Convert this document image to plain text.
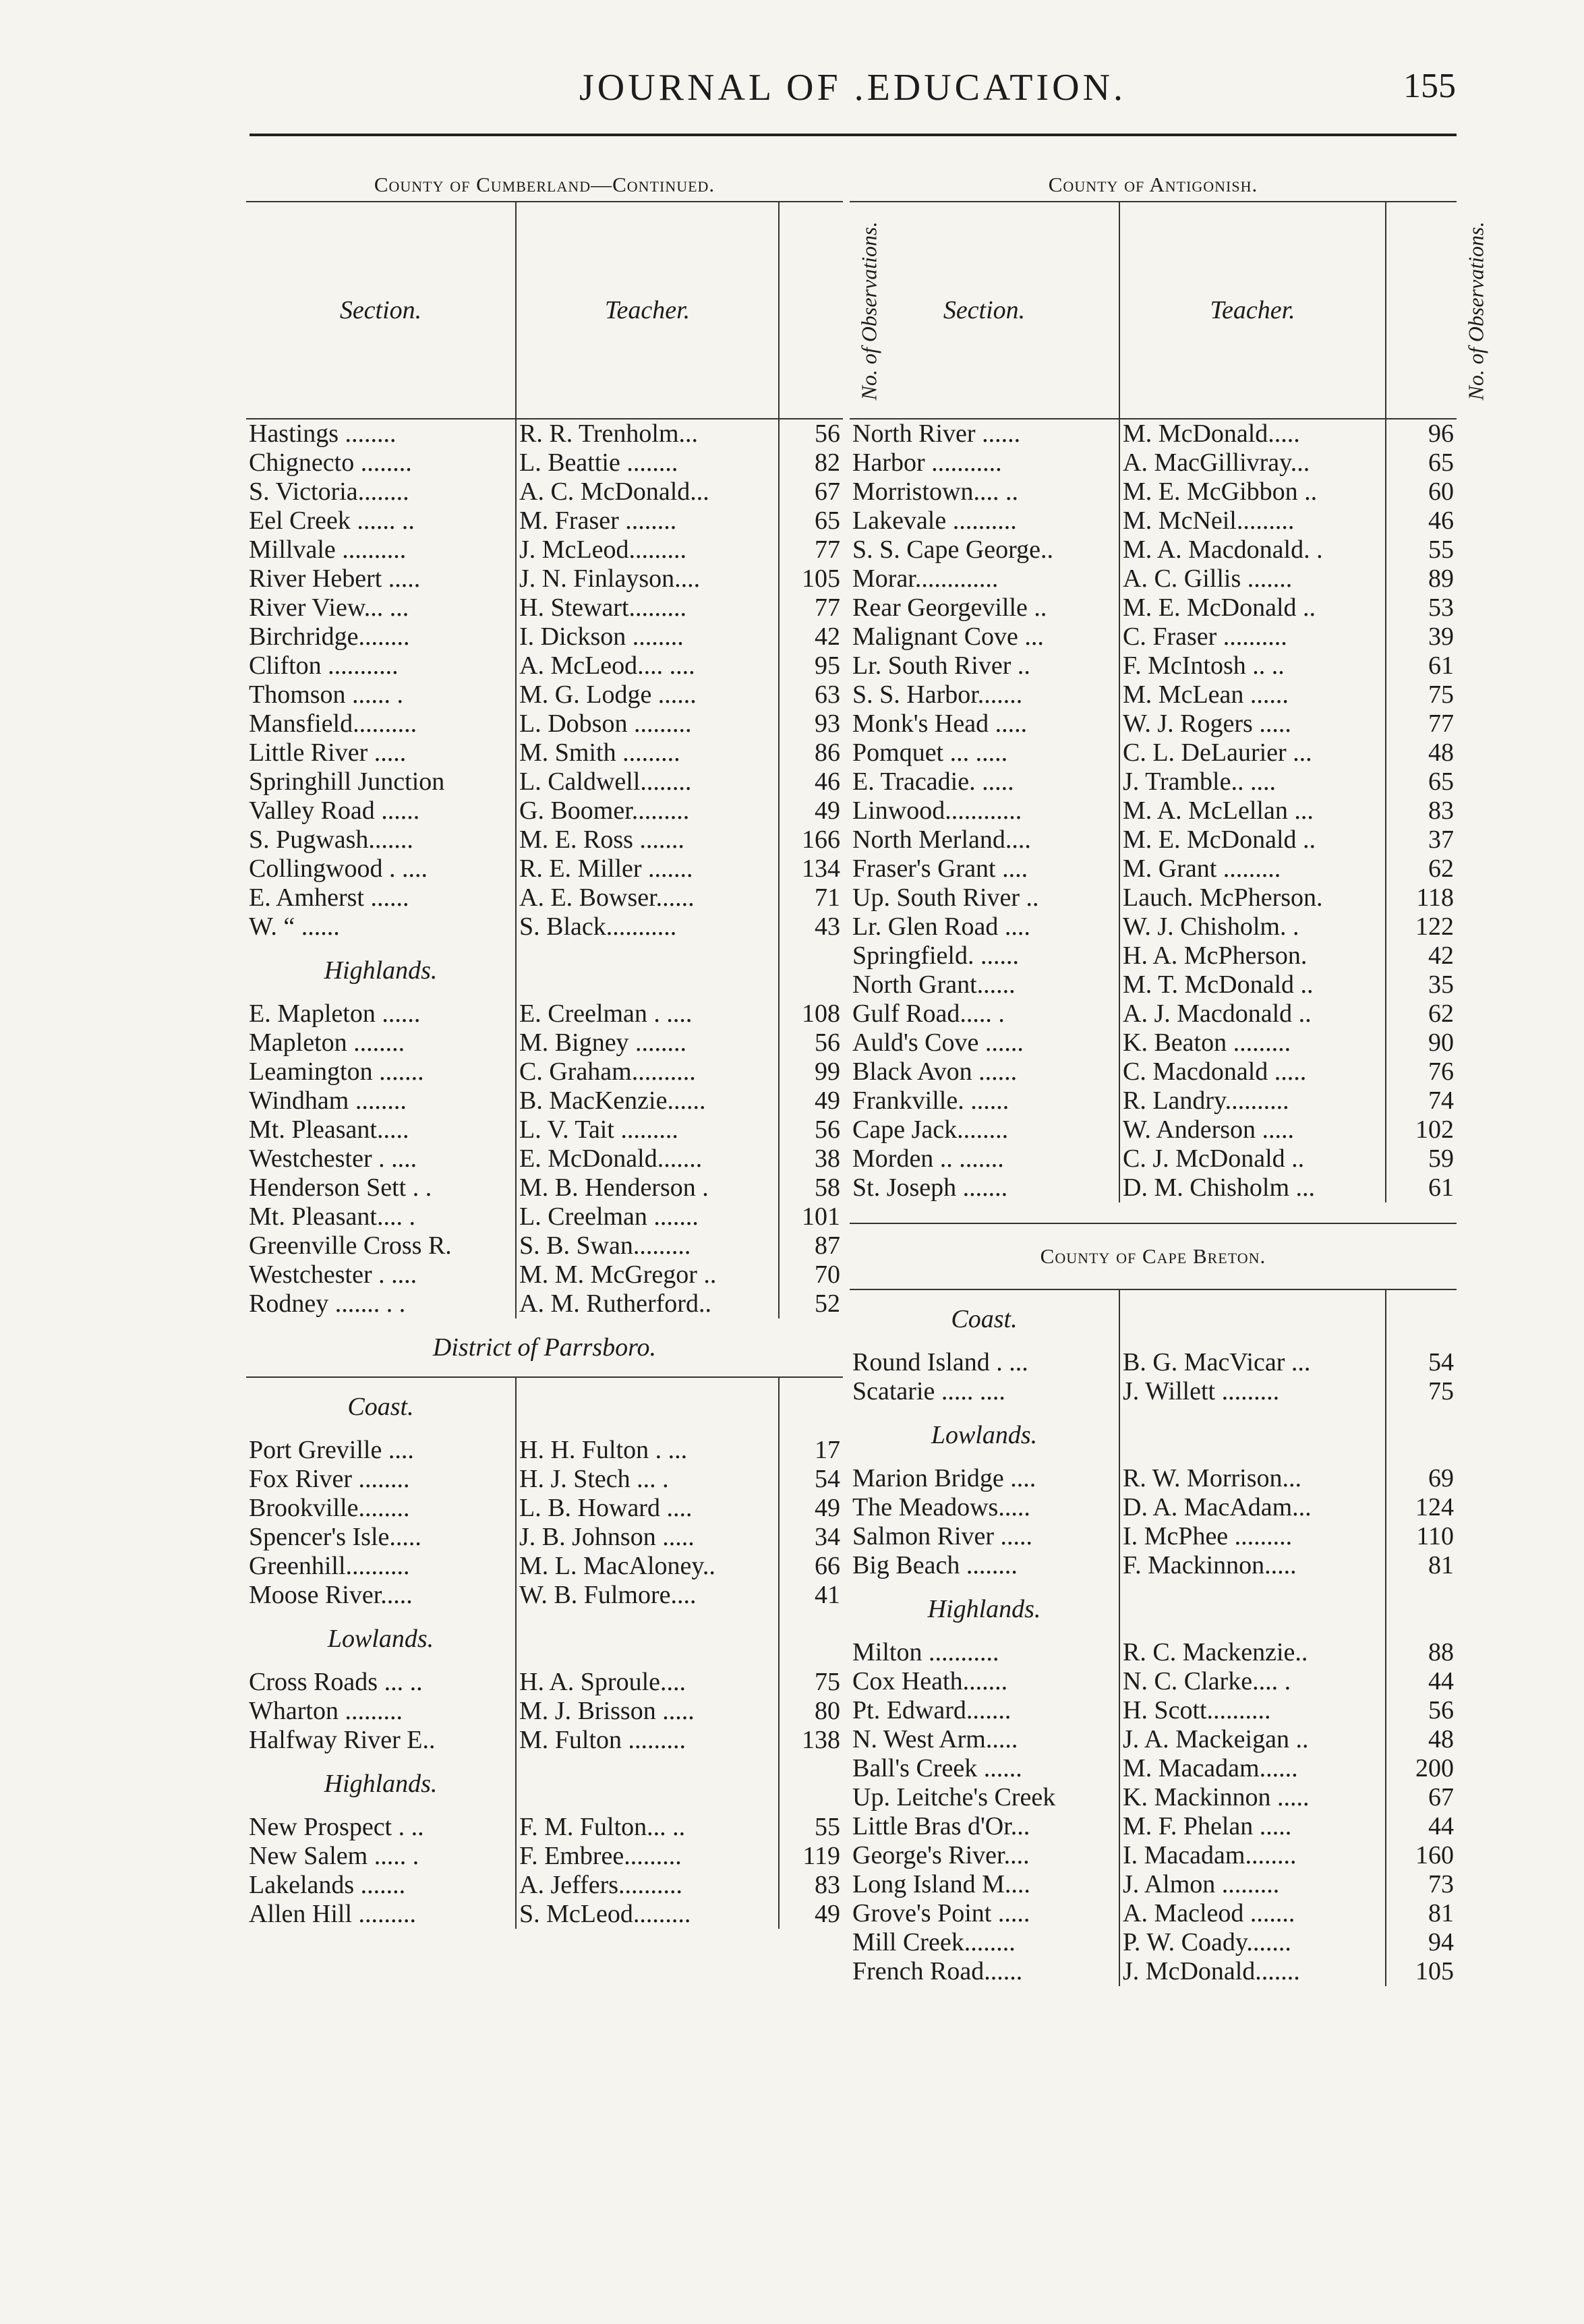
JOURNAL OF .EDUCATION.	155
County of Cumberland—Continued.
Section.	Teacher.	No. of Observations.
Hastings ........	R. R. Trenholm...	56
Chignecto ........	L. Beattie ........	82
S. Victoria........	A. C. McDonald...	67
Eel Creek ...... ..	M. Fraser ........	65
Millvale ..........	J. McLeod.........	77
River Hebert .....	J. N. Finlayson....	105
River View... ...	H. Stewart.........	77
Birchridge........	I. Dickson ........	42
Clifton ...........	A. McLeod.... ....	95
Thomson ...... .	M. G. Lodge ......	63
Mansfield..........	L. Dobson .........	93
Little River .....	M. Smith .........	86
Springhill Junction	L. Caldwell........	46
Valley Road ......	G. Boomer.........	49
S. Pugwash.......	M. E. Ross .......	166
Collingwood . ....	R. E. Miller .......	134
E. Amherst ......	A. E. Bowser......	71
W. “ ......	S. Black...........	43
Highlands.		
E. Mapleton ......	E. Creelman . ....	108
Mapleton ........	M. Bigney ........	56
Leamington .......	C. Graham..........	99
Windham ........	B. MacKenzie......	49
Mt. Pleasant.....	L. V. Tait .........	56
Westchester . ....	E. McDonald.......	38
Henderson Sett . .	M. B. Henderson .	58
Mt. Pleasant.... .	L. Creelman .......	101
Greenville Cross R.	S. B. Swan.........	87
Westchester . ....	M. M. McGregor ..	70
Rodney ....... . .	A. M. Rutherford..	52
District of Parrsboro.
Coast.		
Port Greville ....	H. H. Fulton . ...	17
Fox River ........	H. J. Stech ... .	54
Brookville........	L. B. Howard ....	49
Spencer's Isle.....	J. B. Johnson .....	34
Greenhill..........	M. L. MacAloney..	66
Moose River.....	W. B. Fulmore....	41
Lowlands.		
Cross Roads ... ..	H. A. Sproule....	75
Wharton .........	M. J. Brisson .....	80
Halfway River E..	M. Fulton .........	138
Highlands.		
New Prospect . ..	F. M. Fulton... ..	55
New Salem ..... .	F. Embree.........	119
Lakelands .......	A. Jeffers..........	83
Allen Hill .........	S. McLeod.........	49
County of Antigonish.
Section.	Teacher.	No. of Observations.
North River ......	M. McDonald.....	96
Harbor ...........	A. MacGillivray...	65
Morristown.... ..	M. E. McGibbon ..	60
Lakevale ..........	M. McNeil.........	46
S. S. Cape George..	M. A. Macdonald. .	55
Morar.............	A. C. Gillis .......	89
Rear Georgeville ..	M. E. McDonald ..	53
Malignant Cove ...	C. Fraser ..........	39
Lr. South River ..	F. McIntosh .. ..	61
S. S. Harbor.......	M. McLean ......	75
Monk's Head .....	W. J. Rogers .....	77
Pomquet ... .....	C. L. DeLaurier ...	48
E. Tracadie. .....	J. Tramble.. ....	65
Linwood............	M. A. McLellan ...	83
North Merland....	M. E. McDonald ..	37
Fraser's Grant ....	M. Grant .........	62
Up. South River ..	Lauch. McPherson.	118
Lr. Glen Road ....	W. J. Chisholm. .	122
Springfield. ......	H. A. McPherson.	42
North Grant......	M. T. McDonald ..	35
Gulf Road..... .	A. J. Macdonald ..	62
Auld's Cove ......	K. Beaton .........	90
Black Avon ......	C. Macdonald .....	76
Frankville. ......	R. Landry..........	74
Cape Jack........	W. Anderson .....	102
Morden .. .......	C. J. McDonald ..	59
St. Joseph .......	D. M. Chisholm ...	61
County of Cape Breton.
Coast.		
Round Island . ...	B. G. MacVicar ...	54
Scatarie ..... ....	J. Willett .........	75
Lowlands.		
Marion Bridge ....	R. W. Morrison...	69
The Meadows.....	D. A. MacAdam...	124
Salmon River .....	I. McPhee .........	110
Big Beach ........	F. Mackinnon.....	81
Highlands.		
Milton ...........	R. C. Mackenzie..	88
Cox Heath.......	N. C. Clarke.... .	44
Pt. Edward.......	H. Scott..........	56
N. West Arm.....	J. A. Mackeigan ..	48
Ball's Creek ......	M. Macadam......	200
Up. Leitche's Creek	K. Mackinnon .....	67
Little Bras d'Or...	M. F. Phelan .....	44
George's River....	I. Macadam........	160
Long Island M....	J. Almon .........	73
Grove's Point .....	A. Macleod .......	81
Mill Creek........	P. W. Coady.......	94
French Road......	J. McDonald.......	105
